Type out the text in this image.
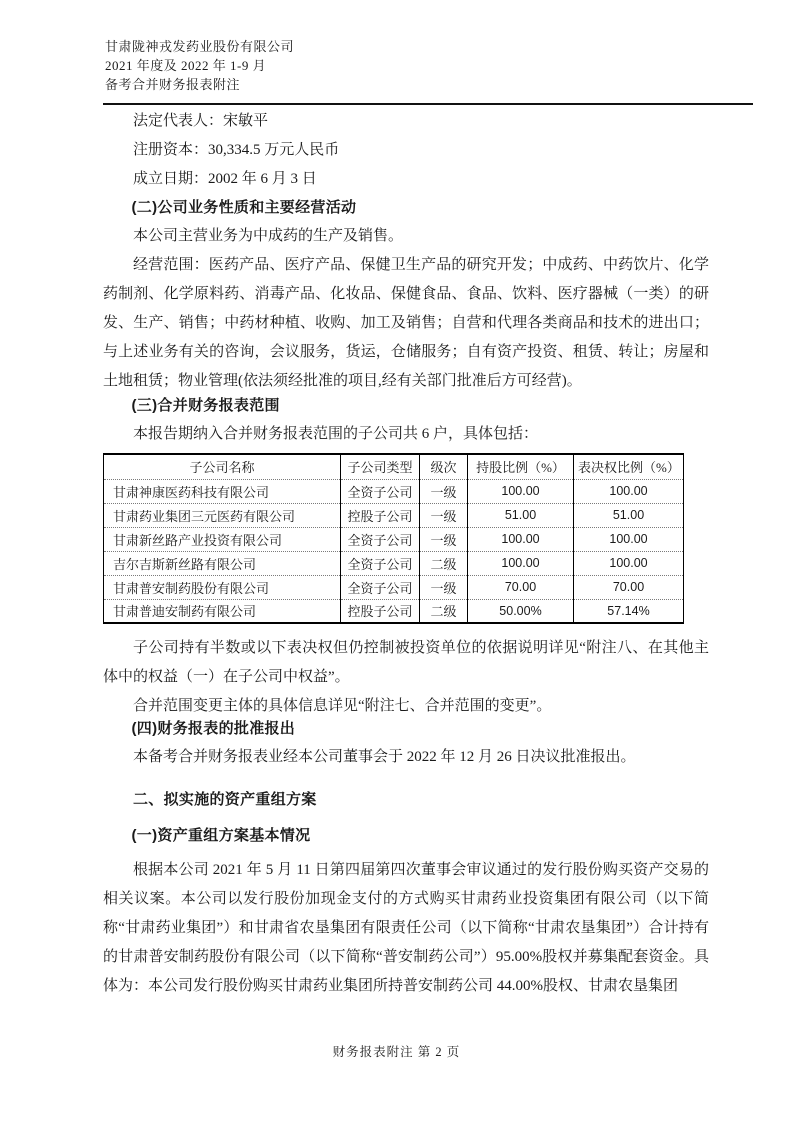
甘肃陇神戎发药业股份有限公司

2021 年度及 2022 年 1-9 月

备考合并财务报表附注

法定代表人：宋敏平

注册资本：30,334.5 万元人民币

成立日期：2002 年 6 月 3 日

(二)公司业务性质和主要经营活动

本公司主营业务为中成药的生产及销售。

经营范围：医药产品、医疗产品、保健卫生产品的研究开发；中成药、中药饮片、化学药制剂、化学原料药、消毒产品、化妆品、保健食品、食品、饮料、医疗器械（一类）的研发、生产、销售；中药材种植、收购、加工及销售；自营和代理各类商品和技术的进出口；与上述业务有关的咨询，会议服务，货运，仓储服务；自有资产投资、租赁、转让；房屋和土地租赁；物业管理(依法须经批准的项目,经有关部门批准后方可经营)。

(三)合并财务报表范围

本报告期纳入合并财务报表范围的子公司共 6 户，具体包括：

子公司名称	子公司类型	级次	持股比例（%）	表决权比例（%）
甘肃神康医药科技有限公司	全资子公司	一级	100.00	100.00
甘肃药业集团三元医药有限公司	控股子公司	一级	51.00	51.00
甘肃新丝路产业投资有限公司	全资子公司	一级	100.00	100.00
吉尔吉斯新丝路有限公司	全资子公司	二级	100.00	100.00
甘肃普安制药股份有限公司	全资子公司	一级	70.00	70.00
甘肃普迪安制药有限公司	控股子公司	二级	50.00%	57.14%

子公司持有半数或以下表决权但仍控制被投资单位的依据说明详见“附注八、在其他主体中的权益（一）在子公司中权益”。

合并范围变更主体的具体信息详见“附注七、合并范围的变更”。

(四)财务报表的批准报出

本备考合并财务报表业经本公司董事会于 2022 年 12 月 26 日决议批准报出。

二、拟实施的资产重组方案

(一)资产重组方案基本情况

根据本公司 2021 年 5 月 11 日第四届第四次董事会审议通过的发行股份购买资产交易的相关议案。本公司以发行股份加现金支付的方式购买甘肃药业投资集团有限公司（以下简称“甘肃药业集团”）和甘肃省农垦集团有限责任公司（以下简称“甘肃农垦集团”）合计持有的甘肃普安制药股份有限公司（以下简称“普安制药公司”）95.00%股权并募集配套资金。具体为：本公司发行股份购买甘肃药业集团所持普安制药公司 44.00%股权、甘肃农垦集团

财务报表附注 第 2 页
